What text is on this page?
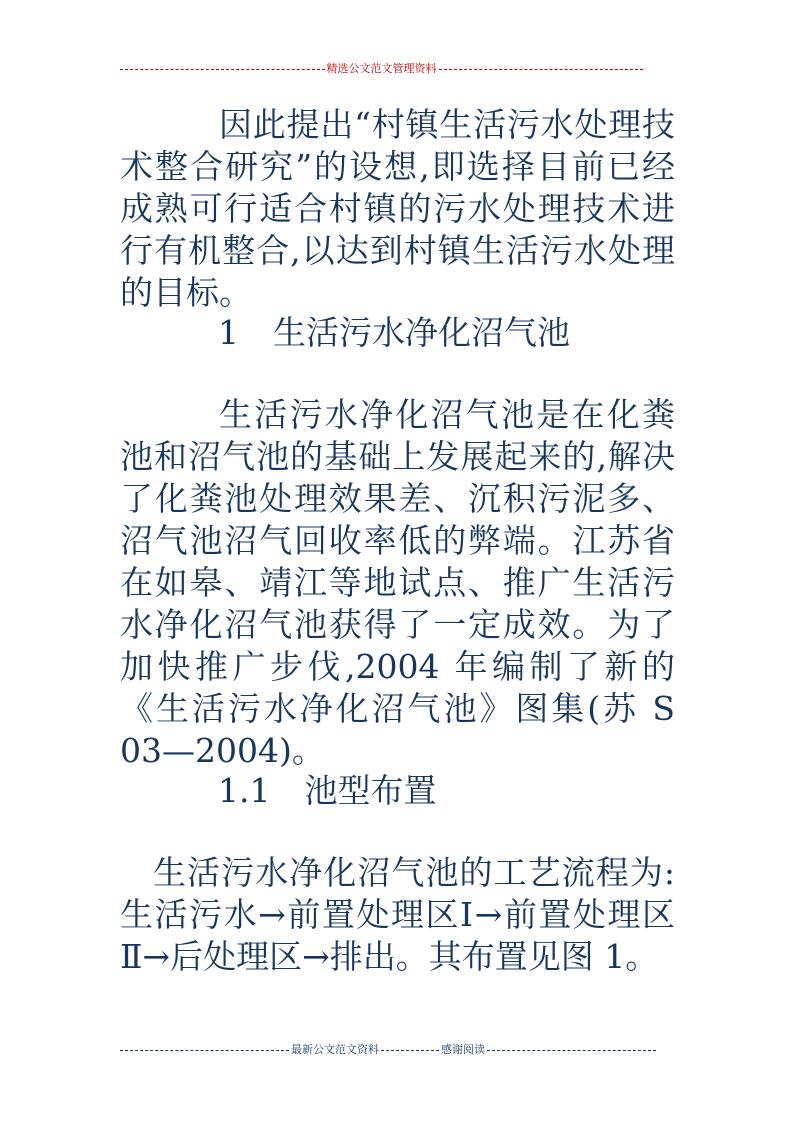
精选公文范文管理资料

因此提出“村镇生活污水处理技术整合研究”的设想,即选择目前已经成熟可行适合村镇的污水处理技术进行有机整合,以达到村镇生活污水处理的目标。

1 生活污水净化沼气池

生活污水净化沼气池是在化粪池和沼气池的基础上发展起来的,解决了化粪池处理效果差、沉积污泥多、沼气池沼气回收率低的弊端。江苏省在如皋、靖江等地试点、推广生活污水净化沼气池获得了一定成效。为了加快推广步伐,2004 年编制了新的《生活污水净化沼气池》图集(苏 S 03—2004)。

1.1 池型布置

生活污水净化沼气池的工艺流程为:生活污水→前置处理区Ⅰ→前置处理区Ⅱ→后处理区→排出。其布置见图 1。

最新公文范文资料	感谢阅读
